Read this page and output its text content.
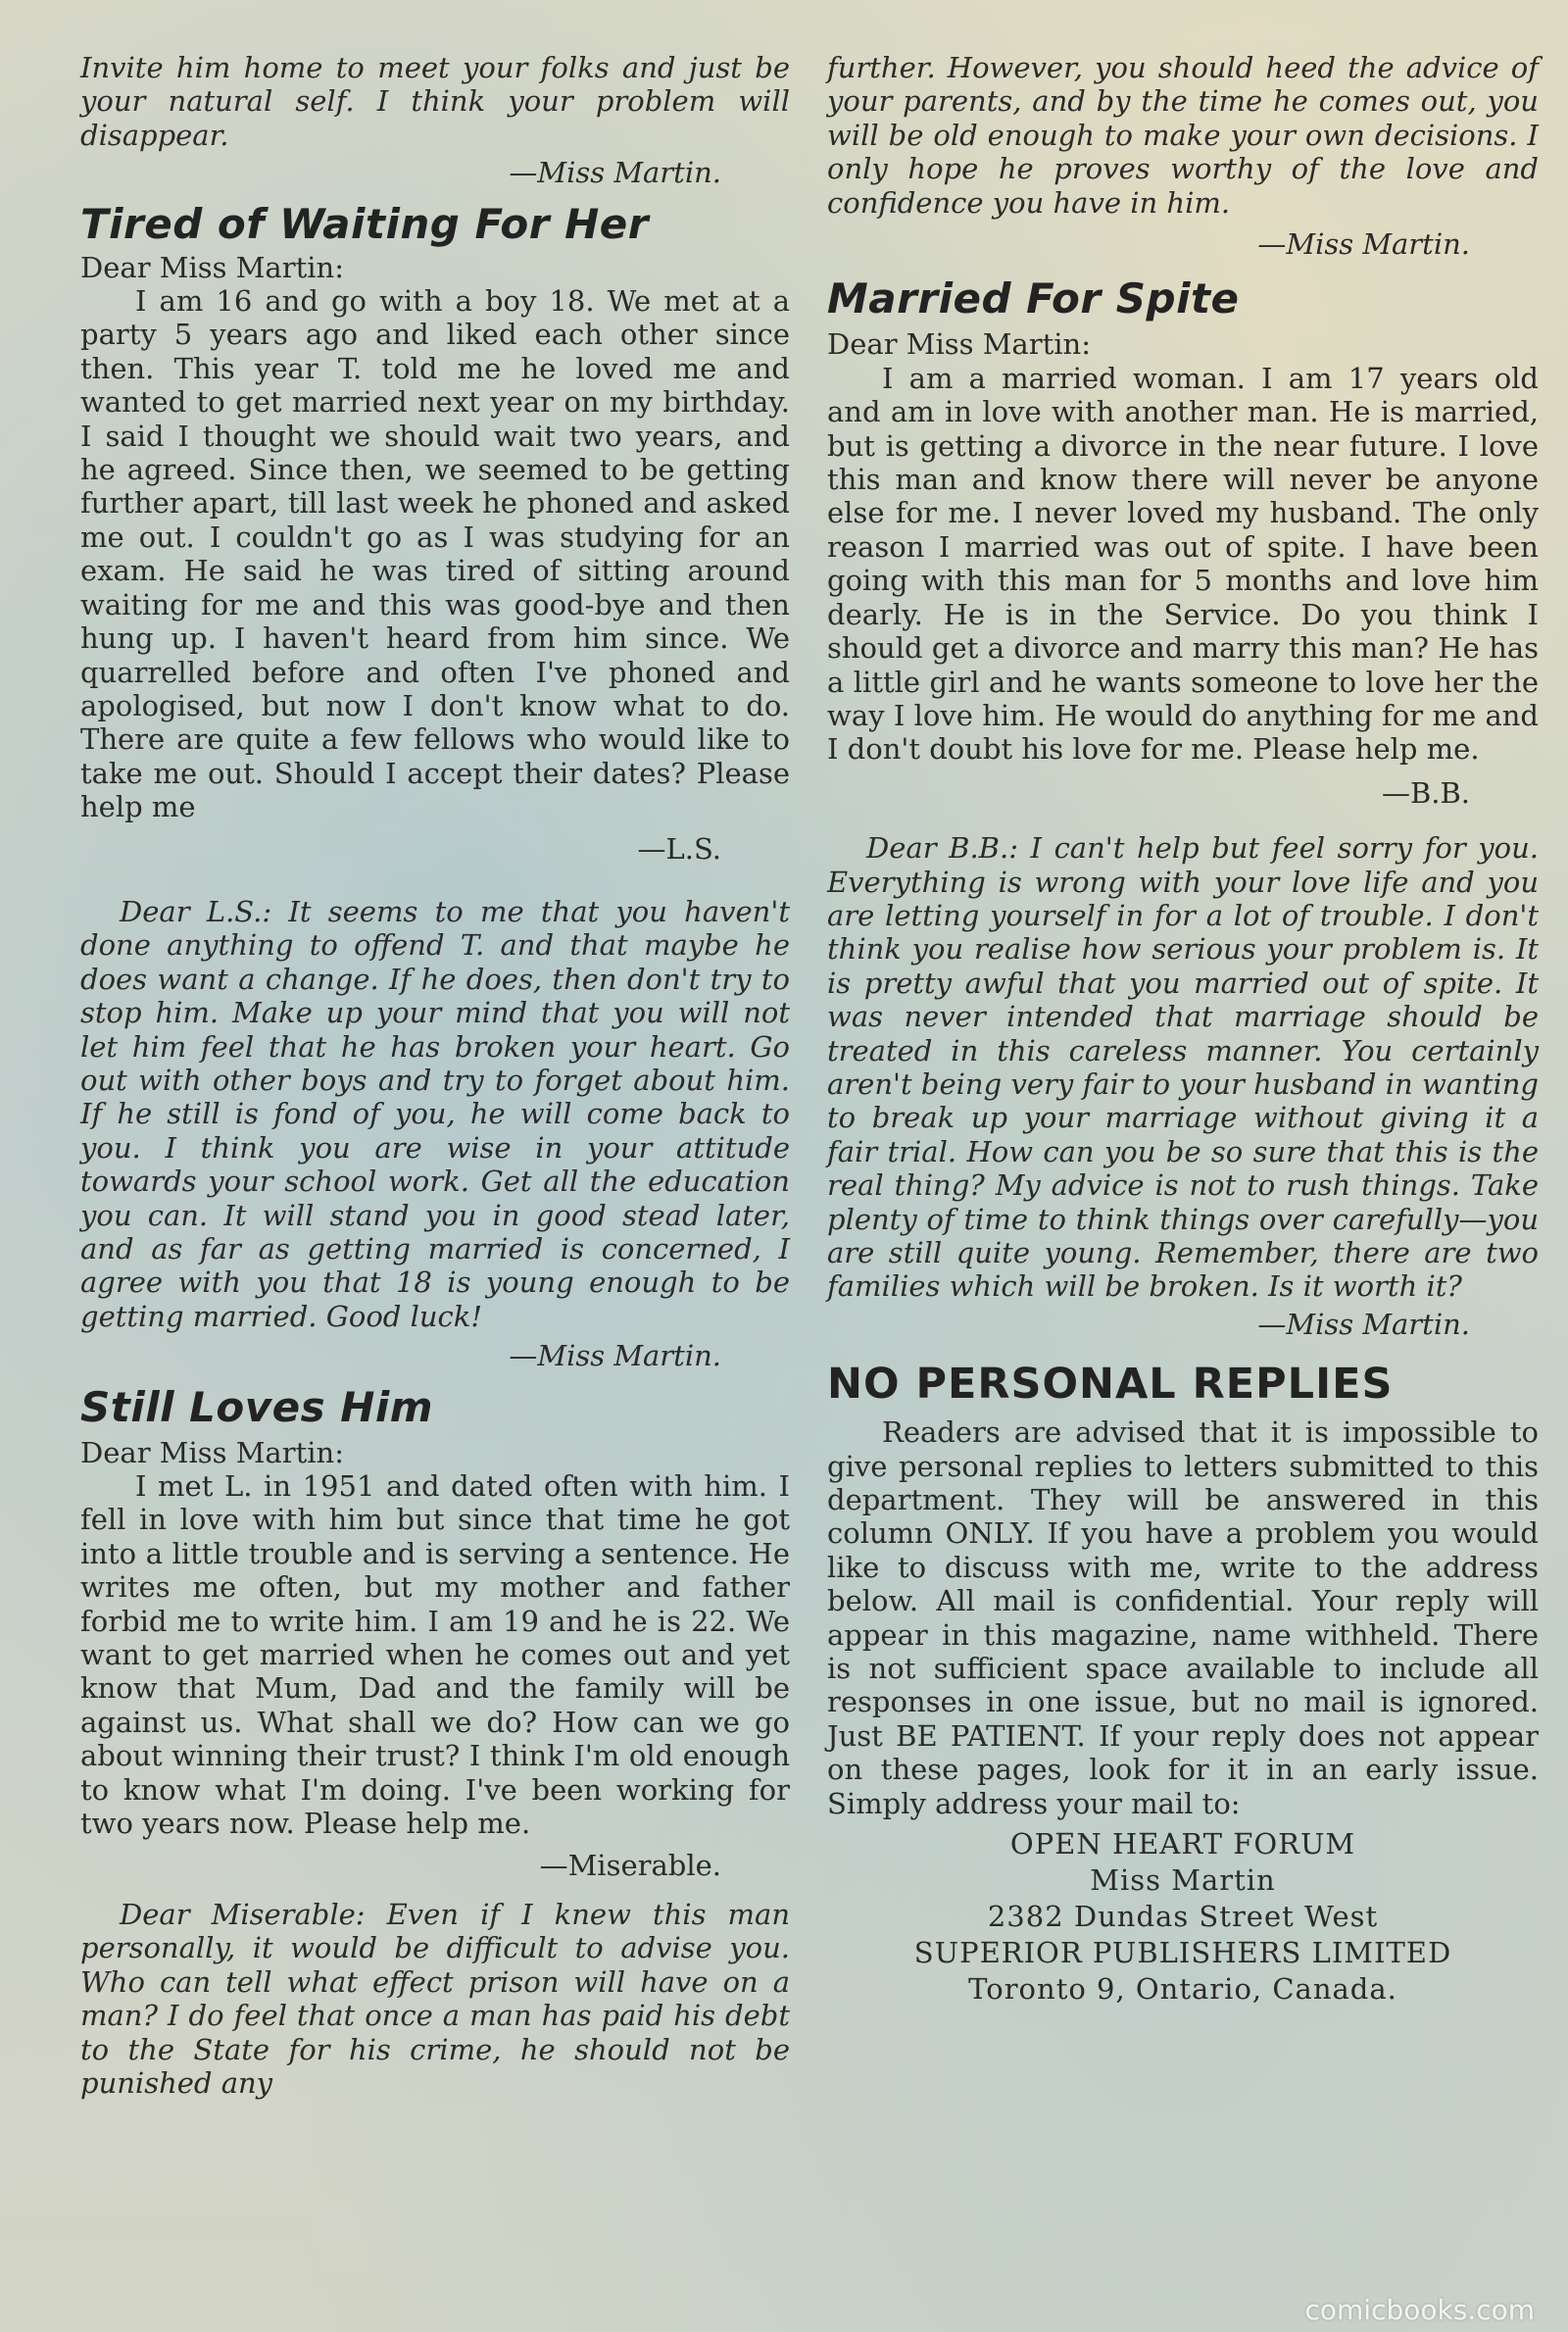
Invite him home to meet your folks and just be your natural self. I think your problem will disappear.

—Miss Martin.

Tired of Waiting For Her

Dear Miss Martin:

I am 16 and go with a boy 18. We met at a party 5 years ago and liked each other since then. This year T. told me he loved me and wanted to get married next year on my birthday. I said I thought we should wait two years, and he agreed. Since then, we seemed to be getting further apart, till last week he phoned and asked me out. I couldn't go as I was studying for an exam. He said he was tired of sitting around waiting for me and this was good-bye and then hung up. I haven't heard from him since. We quarrelled before and often I've phoned and apologised, but now I don't know what to do. There are quite a few fellows who would like to take me out. Should I accept their dates? Please help me

—L.S.

Dear L.S.: It seems to me that you haven't done anything to offend T. and that maybe he does want a change. If he does, then don't try to stop him. Make up your mind that you will not let him feel that he has broken your heart. Go out with other boys and try to forget about him. If he still is fond of you, he will come back to you. I think you are wise in your attitude towards your school work. Get all the education you can. It will stand you in good stead later, and as far as getting married is concerned, I agree with you that 18 is young enough to be getting married. Good luck!

—Miss Martin.

Still Loves Him

Dear Miss Martin:

I met L. in 1951 and dated often with him. I fell in love with him but since that time he got into a little trouble and is serving a sentence. He writes me often, but my mother and father forbid me to write him. I am 19 and he is 22. We want to get married when he comes out and yet know that Mum, Dad and the family will be against us. What shall we do? How can we go about winning their trust? I think I'm old enough to know what I'm doing. I've been working for two years now. Please help me.

—Miserable.

Dear Miserable: Even if I knew this man personally, it would be difficult to advise you. Who can tell what effect prison will have on a man? I do feel that once a man has paid his debt to the State for his crime, he should not be punished any

further. However, you should heed the advice of your parents, and by the time he comes out, you will be old enough to make your own decisions. I only hope he proves worthy of the love and confidence you have in him.

—Miss Martin.

Married For Spite

Dear Miss Martin:

I am a married woman. I am 17 years old and am in love with another man. He is married, but is getting a divorce in the near future. I love this man and know there will never be anyone else for me. I never loved my husband. The only reason I married was out of spite. I have been going with this man for 5 months and love him dearly. He is in the Service. Do you think I should get a divorce and marry this man? He has a little girl and he wants someone to love her the way I love him. He would do anything for me and I don't doubt his love for me. Please help me.

—B.B.

Dear B.B.: I can't help but feel sorry for you. Everything is wrong with your love life and you are letting yourself in for a lot of trouble. I don't think you realise how serious your problem is. It is pretty awful that you married out of spite. It was never intended that marriage should be treated in this careless manner. You certainly aren't being very fair to your husband in wanting to break up your marriage without giving it a fair trial. How can you be so sure that this is the real thing? My advice is not to rush things. Take plenty of time to think things over carefully—you are still quite young. Remember, there are two families which will be broken. Is it worth it?

—Miss Martin.

NO PERSONAL REPLIES

Readers are advised that it is impossible to give personal replies to letters submitted to this department. They will be answered in this column ONLY. If you have a problem you would like to discuss with me, write to the address below. All mail is confidential. Your reply will appear in this magazine, name withheld. There is not sufficient space available to include all responses in one issue, but no mail is ignored. Just BE PATIENT. If your reply does not appear on these pages, look for it in an early issue. Simply address your mail to:

OPEN HEART FORUM

Miss Martin

2382 Dundas Street West

SUPERIOR PUBLISHERS LIMITED

Toronto 9, Ontario, Canada.

comicbooks.com
